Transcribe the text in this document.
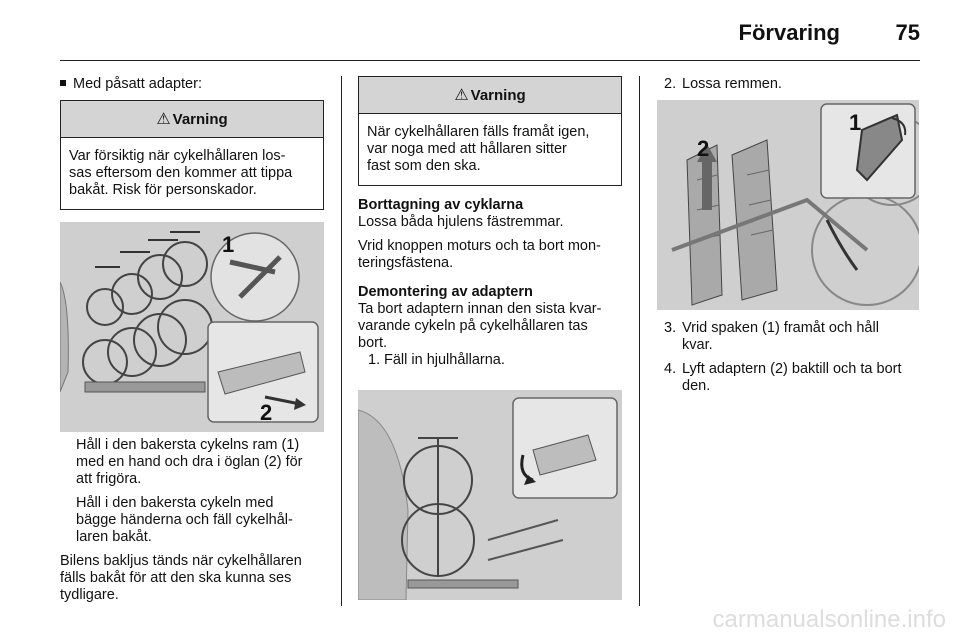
Förvaring	75

Med påsatt adapter:

⚠ Varning
Var försiktig när cykelhållaren los-
sas eftersom den kommer att tippa
bakåt. Risk för personskador.
1
2
Håll i den bakersta cykelns ram (1)
med en hand och dra i öglan (2) för
att frigöra.
Håll i den bakersta cykeln med
bägge händerna och fäll cykelhål-
laren bakåt.
Bilens bakljus tänds när cykelhållaren
fälls bakåt för att den ska kunna ses
tydligare.
⚠ Varning
När cykelhållaren fälls framåt igen,
var noga med att hållaren sitter
fast som den ska.
Borttagning av cyklarna
Lossa båda hjulens fästremmar.
Vrid knoppen moturs och ta bort mon-
teringsfästena.
Demontering av adaptern
Ta bort adaptern innan den sista kvar-
varande cykeln på cykelhållaren tas
bort.
1. Fäll in hjulhållarna.
2. Lossa remmen.
1
2
3. Vrid spaken (1) framåt och håll
kvar.
4. Lyft adaptern (2) baktill och ta bort
den.
carmanualsonline.info
